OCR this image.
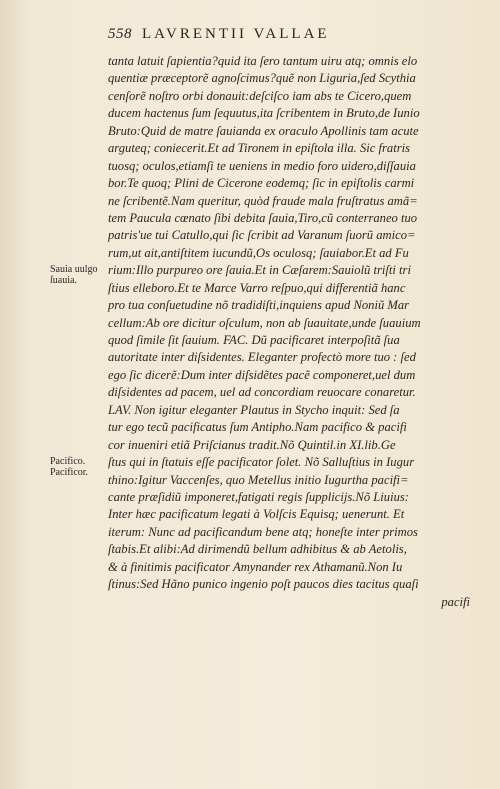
558 LAVRENTII VALLAE
Sauia uulgo
ſuauia.
Pacifico.
Pacificor.
tanta latuit ſapientia?quid ita ſero tantum uiru atq; omnis elo
quentiæ præceptorẽ agnoſcimus?quẽ non Liguria,ſed Scythia
cenſorẽ noſtro orbi donauit:deſciſco iam abs te Cicero,quem
ducem hactenus ſum ſequutus,ita ſcribentem in Bruto,de Iunio
Bruto:Quid de matre ſauianda ex oraculo Apollinis tam acute
arguteq; coniecerit.Et ad Tironem in epiſtola illa. Sic fratris
tuosq; oculos,etiamſi te ueniens in medio foro uidero,diſſauia
bor.Te quoq; Plini de Cicerone eodemq; ſic in epiſtolis carmi
ne ſcribentẽ.Nam queritur, quòd fraude mala fruſtratus amã=
tem Paucula cœnato ſibi debita ſauia,Tiro,cũ conterraneo tuo
patris'ue tui Catullo,qui ſic ſcribit ad Varanum ſuorũ amico=
rum,ut ait,antiſtitem iucundũ,Os oculosq; ſauiabor.Et ad Fu
rium:Illo purpureo ore ſauia.Et in Cæſarem:Sauiolũ triſti tri
ſtius elleboro.Et te Marce Varro reſpuo,qui differentiã hanc
pro tua conſuetudine nõ tradidiſti,inquiens apud Noniũ Mar
cellum:Ab ore dicitur oſculum, non ab ſuauitate,unde ſuauium
quod ſimile ſit ſauium. FAC. Dũ pacificaret interpoſitã ſua
autoritate inter diſsidentes. Eleganter profectò more tuo : ſed
ego ſic dicerẽ:Dum inter diſsidẽtes pacẽ componeret,uel dum
diſsidentes ad pacem, uel ad concordiam reuocare conaretur.
LAV. Non igitur eleganter Plautus in Stycho inquit: Sed ſa
tur ego tecũ pacificatus ſum Antipho.Nam pacifico & pacifi
cor inueniri etiã Priſcianus tradit.Nõ Quintil.in XI.lib.Ge
ſtus qui in ſtatuis eſſe pacificator ſolet. Nõ Salluſtius in Iugur
thino:Igitur Vaccenſes, quo Metellus initio Iugurtha pacifi=
cante præſidiũ imponeret,fatigati regis ſupplicijs.Nõ Liuius:
Inter hæc pacificatum legati à Volſcis Equisq; uenerunt. Et
iterum: Nunc ad pacificandum bene atq; honeſte inter primos
ſtabis.Et alibi:Ad dirimendũ bellum adhibitus & ab Aetolis,
& à finitimis pacificator Amynander rex Athamanũ.Non Iu
ſtinus:Sed Hãno punico ingenio poſt paucos dies tacitus quaſi
pacifi
